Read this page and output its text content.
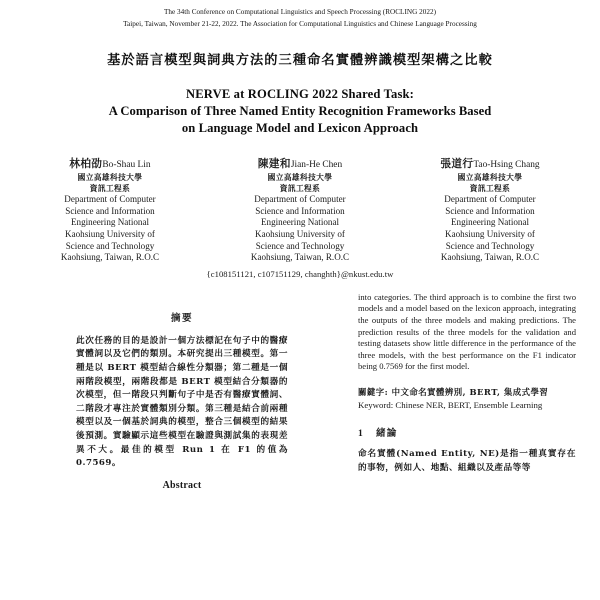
The 34th Conference on Computational Linguistics and Speech Processing (ROCLING 2022)
Taipei, Taiwan, November 21-22, 2022. The Association for Computational Linguistics and Chinese Language Processing
基於語言模型與詞典方法的三種命名實體辨識模型架構之比較
NERVE at ROCLING 2022 Shared Task:
A Comparison of Three Named Entity Recognition Frameworks Based
on Language Model and Lexicon Approach
林柏劭Bo-Shau Lin
國立高雄科技大學
資訊工程系
Department of Computer
Science and Information
Engineering National
Kaohsiung University of
Science and Technology
Kaohsiung, Taiwan, R.O.C
陳建和Jian-He Chen
國立高雄科技大學
資訊工程系
Department of Computer
Science and Information
Engineering National
Kaohsiung University of
Science and Technology
Kaohsiung, Taiwan, R.O.C
張道行Tao-Hsing Chang
國立高雄科技大學
資訊工程系
Department of Computer
Science and Information
Engineering National
Kaohsiung University of
Science and Technology
Kaohsiung, Taiwan, R.O.C
{c108151121, c107151129, changhth}@nkust.edu.tw
摘要
此次任務的目的是設計一個方法標記在句子中的醫療實體詞以及它們的類別。本研究提出三種模型。第一種是以 BERT 模型結合線性分類器；第二種是一個兩階段模型，兩階段都是 BERT 模型結合分類器的次模型，但一階段只判斷句子中是否有醫療實體詞、二階段才專注於實體類別分類。第三種是結合前兩種模型以及一個基於詞典的模型，整合三個模型的結果後預測。實驗顯示這些模型在驗證與測試集的表現差異不大。最佳的模型 Run 1 在 F1 的值為 0.7569。
Abstract
into categories. The third approach is to combine the first two models and a model based on the lexicon approach, integrating the outputs of the three models and making predictions. The prediction results of the three models for the validation and testing datasets show little difference in the performance of the three models, with the best performance on the F1 indicator being 0.7569 for the first model.
關鍵字: 中文命名實體辨別, BERT, 集成式學習
Keyword: Chinese NER, BERT, Ensemble Learning
1	緒論
命名實體(Named Entity, NE)是指一種真實存在的事物，例如人、地點、組織以及產品等等
